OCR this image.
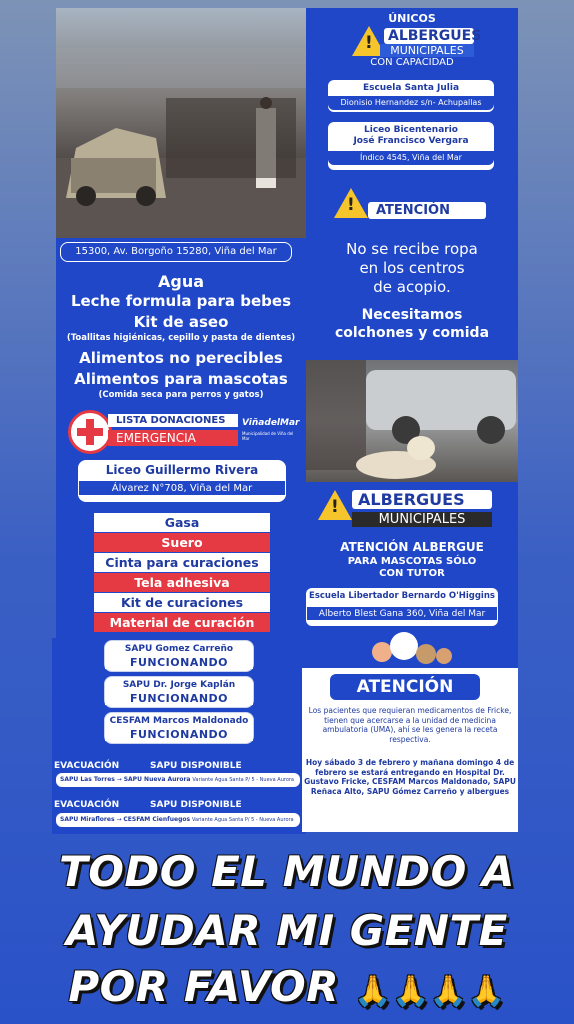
15300, Av. Borgoño 15280, Viña del Mar
ÚNICOS
! ALBERGUES
MUNICIPALES
CON CAPACIDAD
Escuela Santa Julia
Dionisio Hernandez s/n- Achupallas
Liceo Bicentenario
José Francisco Vergara
Índico 4545, Viña del Mar
!	ATENCIÓN
No se recibe ropa
en los centros
de acopio.
Necesitamos
colchones y comida
Agua
Leche formula para bebes
Kit de aseo
(Toallitas higiénicas, cepillo y pasta de dientes)
Alimentos no perecibles
Alimentos para mascotas
(Comida seca para perros y gatos)
LISTA DONACIONES
EMERGENCIA
ViñadelMar
Municipalidad de Viña del Mar
Liceo Guillermo Rivera
Álvarez N°708, Viña del Mar
Gasa
Suero
Cinta para curaciones
Tela adhesiva
Kit de curaciones
Material de curación
!	ALBERGUES
MUNICIPALES
ATENCIÓN ALBERGUE
PARA MASCOTAS SÓLO
CON TUTOR
Escuela Libertador Bernardo O'Higgins
Alberto Blest Gana 360, Viña del Mar
SAPU Gomez Carreño
FUNCIONANDO
SAPU Dr. Jorge Kaplán
FUNCIONANDO
CESFAM Marcos Maldonado
FUNCIONANDO
EVACUACIÓN	SAPU DISPONIBLE
SAPU Las Torres → SAPU Nueva Aurora Variante Agua Santa P/ 5 - Nueva Aurora
EVACUACIÓN	SAPU DISPONIBLE
SAPU Miraflores → CESFAM Cienfuegos Variante Agua Santa P/ 5 - Nueva Aurora
ATENCIÓN
Los pacientes que requieran medicamentos de Fricke, tienen que acercarse a la unidad de medicina ambulatoria (UMA), ahí se les genera la receta respectiva.
Hoy sábado 3 de febrero y mañana domingo 4 de febrero se estará entregando en Hospital Dr. Gustavo Fricke, CESFAM Marcos Maldonado, SAPU Reñaca Alto, SAPU Gómez Carreño y albergues
TODO EL MUNDO A
AYUDAR MI GENTE
POR FAVOR 🙏🙏🙏🙏
